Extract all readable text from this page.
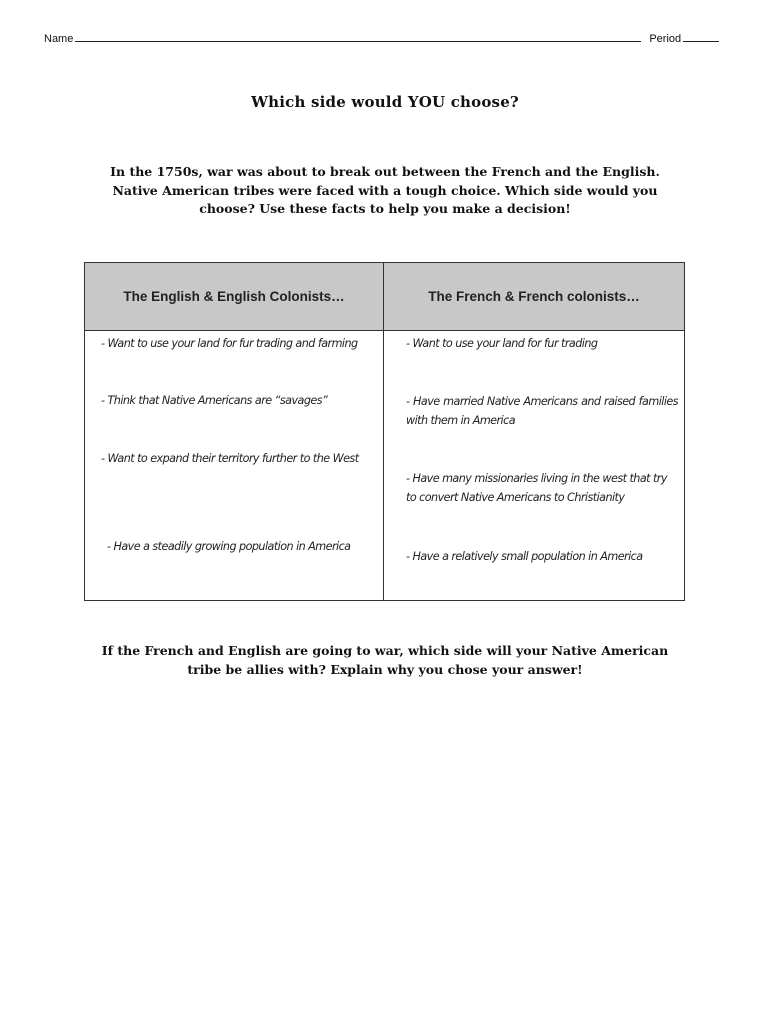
Name	Period
Which side would YOU choose?
In the 1750s, war was about to break out between the French and the English. Native American tribes were faced with a tough choice. Which side would you choose? Use these facts to help you make a decision!
The English & English Colonists…	The French & French colonists…
- Want to use your land for fur trading and farming
- Think that Native Americans are “savages”
- Want to expand their territory further to the West
- Have a steadily growing population in America
- Want to use your land for fur trading
- Have married Native Americans and raised families with them in America
- Have many missionaries living in the west that try to convert Native Americans to Christianity
- Have a relatively small population in America
If the French and English are going to war, which side will your Native American tribe be allies with? Explain why you chose your answer!
